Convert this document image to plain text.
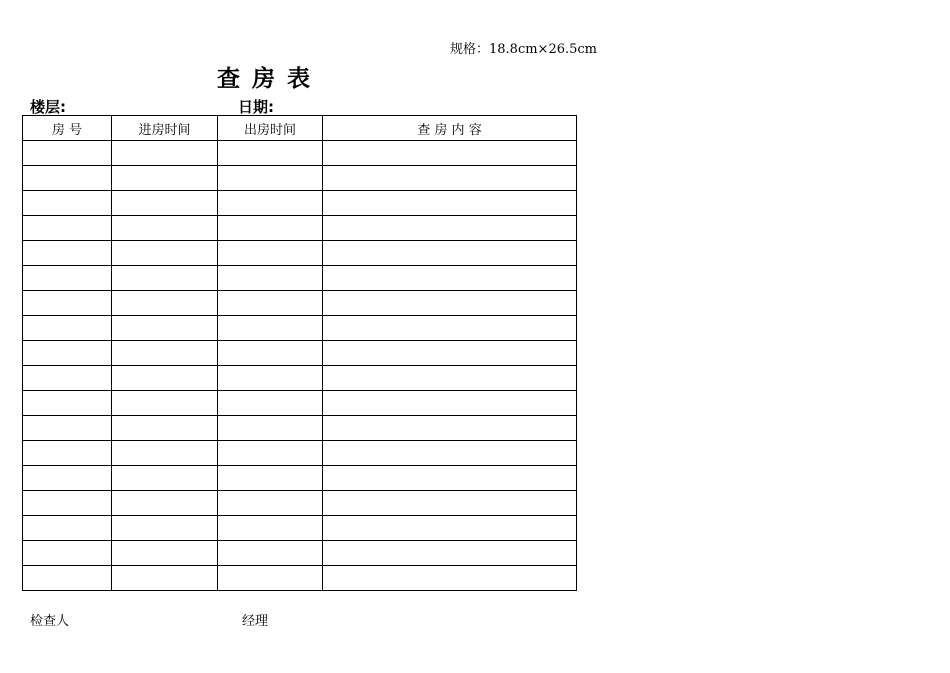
规格：18.8cm×26.5cm
查 房 表
楼层:	日期:
房 号	进房时间	出房时间	查 房 内 容

检查人	经理
